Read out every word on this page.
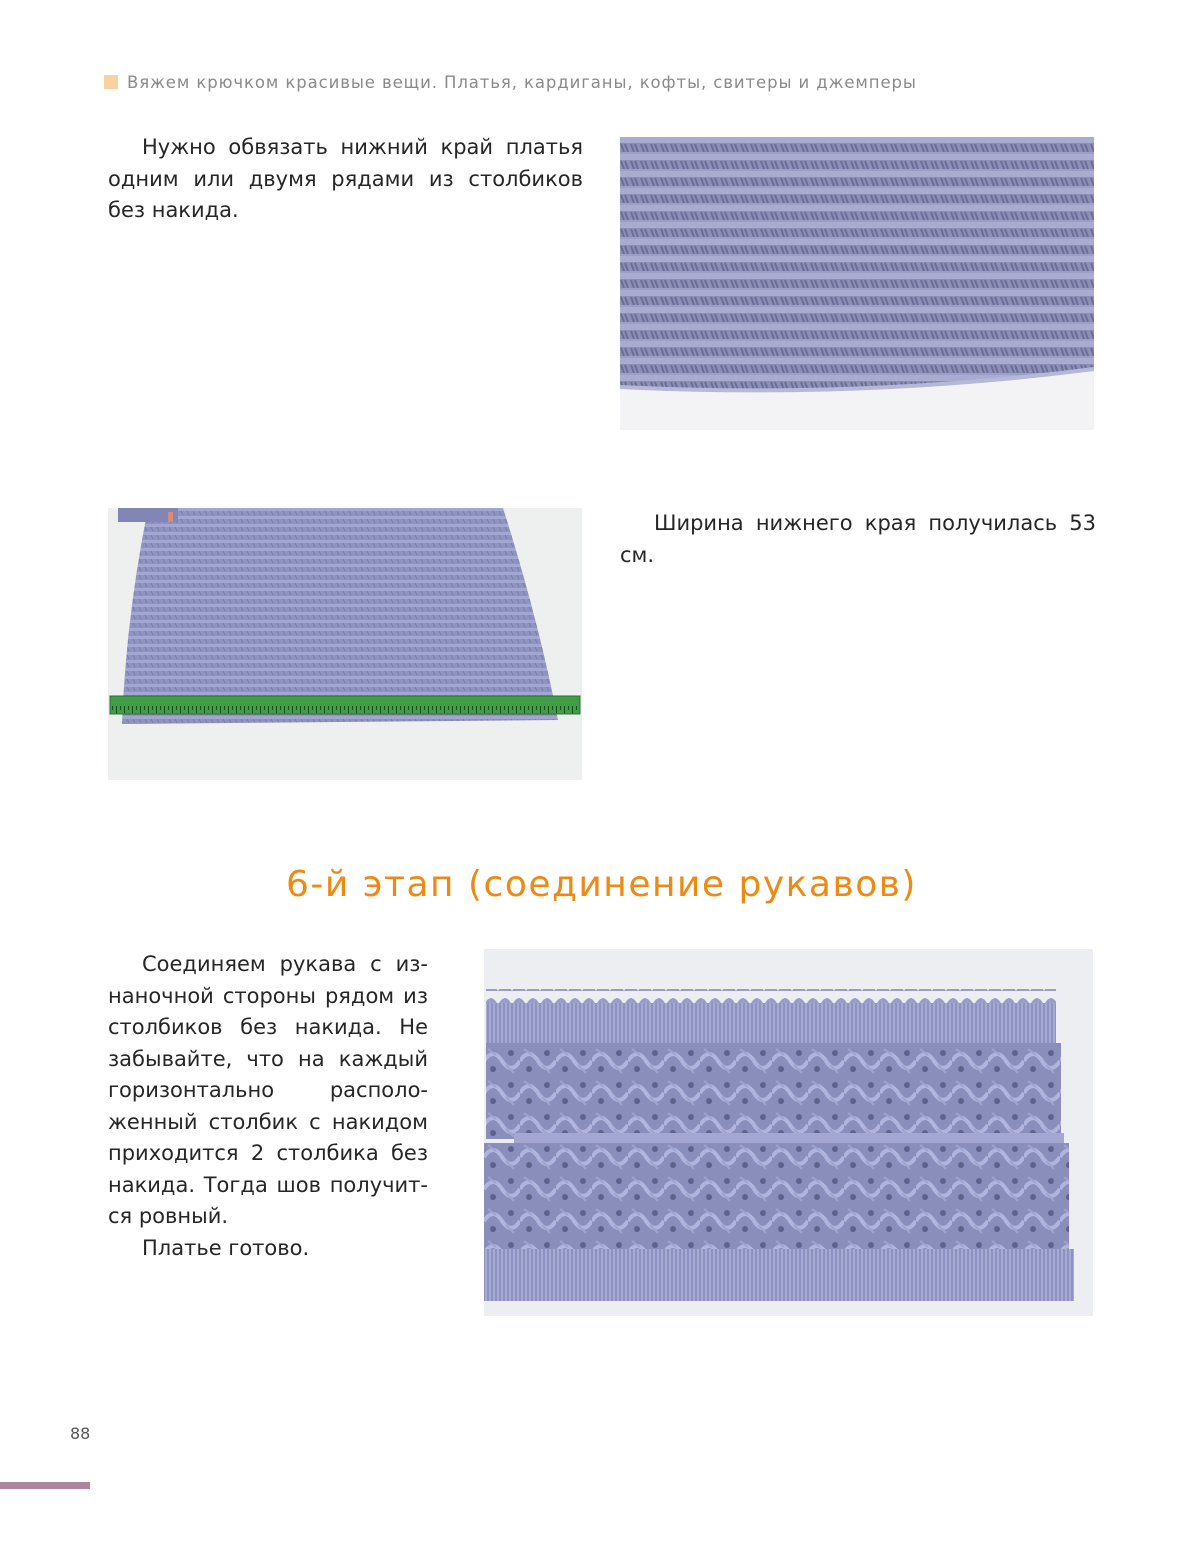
Вяжем крючком красивые вещи. Платья, кардиганы, кофты, свитеры и джемперы

Нужно обвязать нижний край платья одним или двумя рядами из столбиков без накида.

Ширина нижнего края получилась 53 см.

6-й этап (соединение рукавов)

Соединяем рукава с из-наночной стороны рядом из столбиков без накида. Не забывайте, что на каждый горизонтально располо-женный столбик с накидом приходится 2 столбика без накида. Тогда шов получит-ся ровный.

Платье готово.

88
